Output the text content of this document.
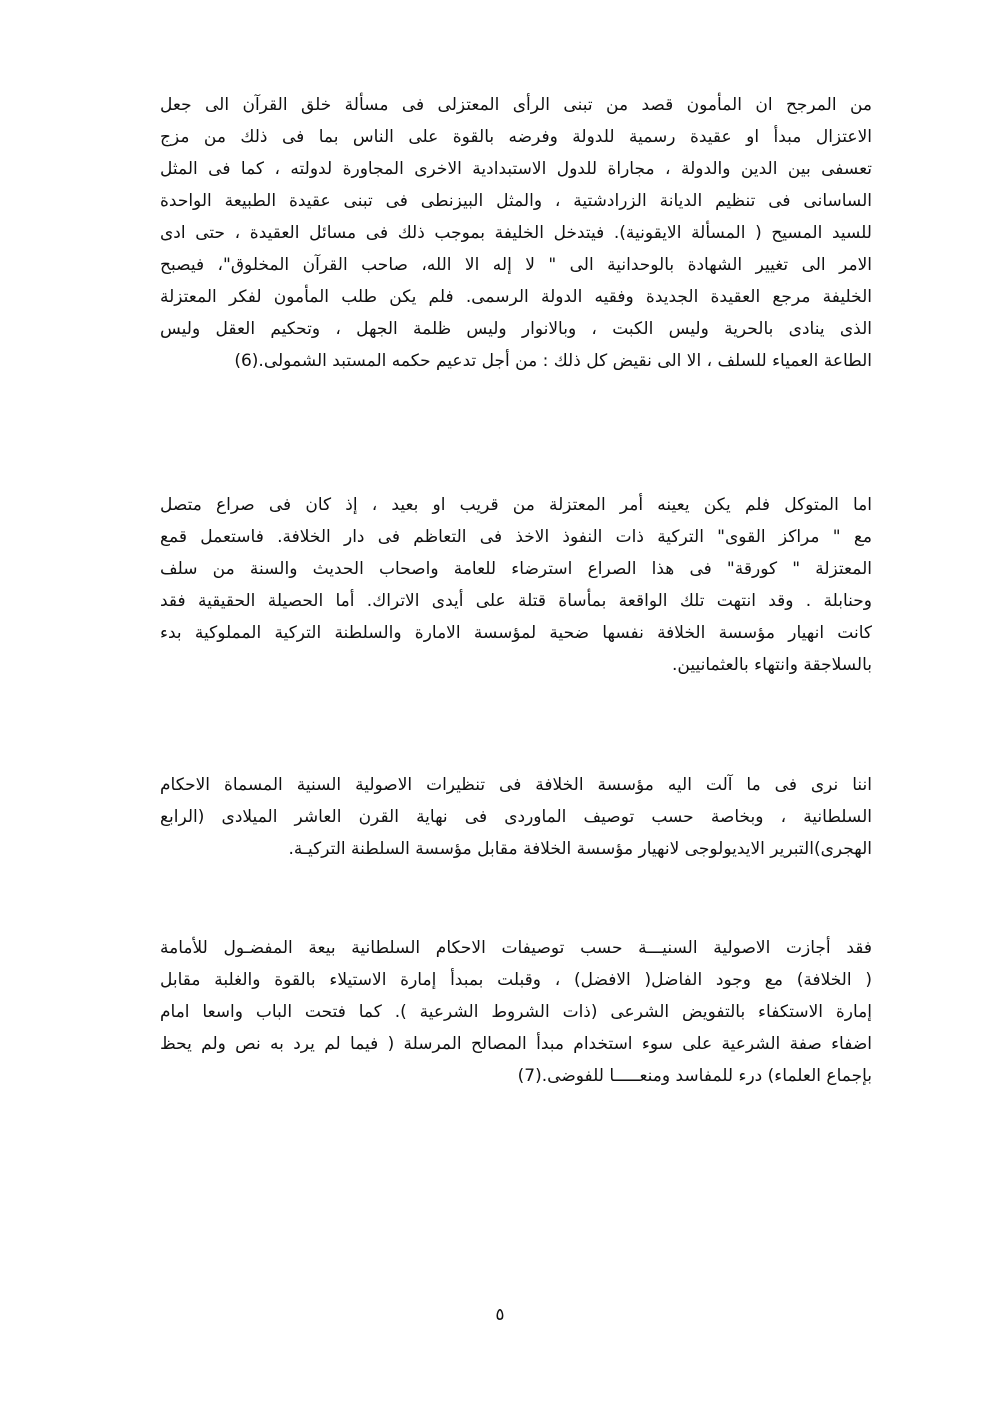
من المرجح ان المأمون قصد من تبنى الرأى المعتزلى فى مسألة خلق القرآن الى جعل
الاعتزال مبدأ او عقيدة رسمية للدولة وفرضه بالقوة على الناس بما فى ذلك من مزج
تعسفى بين الدين والدولة ، مجاراة للدول الاستبدادية الاخرى المجاورة لدولته ، كما فى المثل
الساسانى فى تنظيم الديانة الزرادشتية ، والمثل البيزنطى فى تبنى عقيدة الطبيعة الواحدة
للسيد المسيح ( المسألة الايقونية). فيتدخل الخليفة بموجب ذلك فى مسائل العقيدة ، حتى ادى
الامر الى تغيير الشهادة بالوحدانية الى " لا إله الا الله، صاحب القرآن المخلوق"، فيصبح
الخليفة مرجع العقيدة الجديدة وفقيه الدولة الرسمى. فلم يكن طلب المأمون لفكر المعتزلة
الذى ينادى بالحرية وليس الكبت ، وبالانوار وليس ظلمة الجهل ، وتحكيم العقل وليس
الطاعة العمياء للسلف ، الا الى نقيض كل ذلك : من أجل تدعيم حكمه المستبد الشمولى.(6)
اما المتوكل فلم يكن يعينه أمر المعتزلة من قريب او بعيد ، إذ كان فى صراع متصل
مع " مراكز القوى" التركية ذات النفوذ الاخذ فى التعاظم فى دار الخلافة. فاستعمل قمع
المعتزلة " كورقة" فى هذا الصراع استرضاء للعامة واصحاب الحديث والسنة من سلف
وحنابلة . وقد انتهت تلك الواقعة بمأساة قتلة على أيدى الاتراك. أما الحصيلة الحقيقية فقد
كانت انهيار مؤسسة الخلافة نفسها ضحية لمؤسسة الامارة والسلطنة التركية المملوكية بدء
بالسلاجقة وانتهاء بالعثمانيين.
اننا نرى فى ما آلت اليه مؤسسة الخلافة فى تنظيرات الاصولية السنية المسماة الاحكام
السلطانية ، وبخاصة حسب توصيف الماوردى فى نهاية القرن العاشر الميلادى (الرابع
الهجرى)التبرير الايديولوجى لانهيار مؤسسة الخلافة مقابل مؤسسة السلطنة التركيـة.
فقد أجازت الاصولية السنيـــة حسب توصيفات الاحكام السلطانية بيعة المفضـول للأمامة
( الخلافة) مع وجود الفاضل( الافضل) ، وقبلت بمبدأ إمارة الاستيلاء بالقوة والغلبة مقابل
إمارة الاستكفاء بالتفويض الشرعى (ذات الشروط الشرعية ). كما فتحت الباب واسعا امام
اضفاء صفة الشرعية على سوء استخدام مبدأ المصالح المرسلة ( فيما لم يرد به نص ولم يحظ
بإجماع العلماء) درء للمفاسد ومنعـــــا للفوضى.(7)
٥
